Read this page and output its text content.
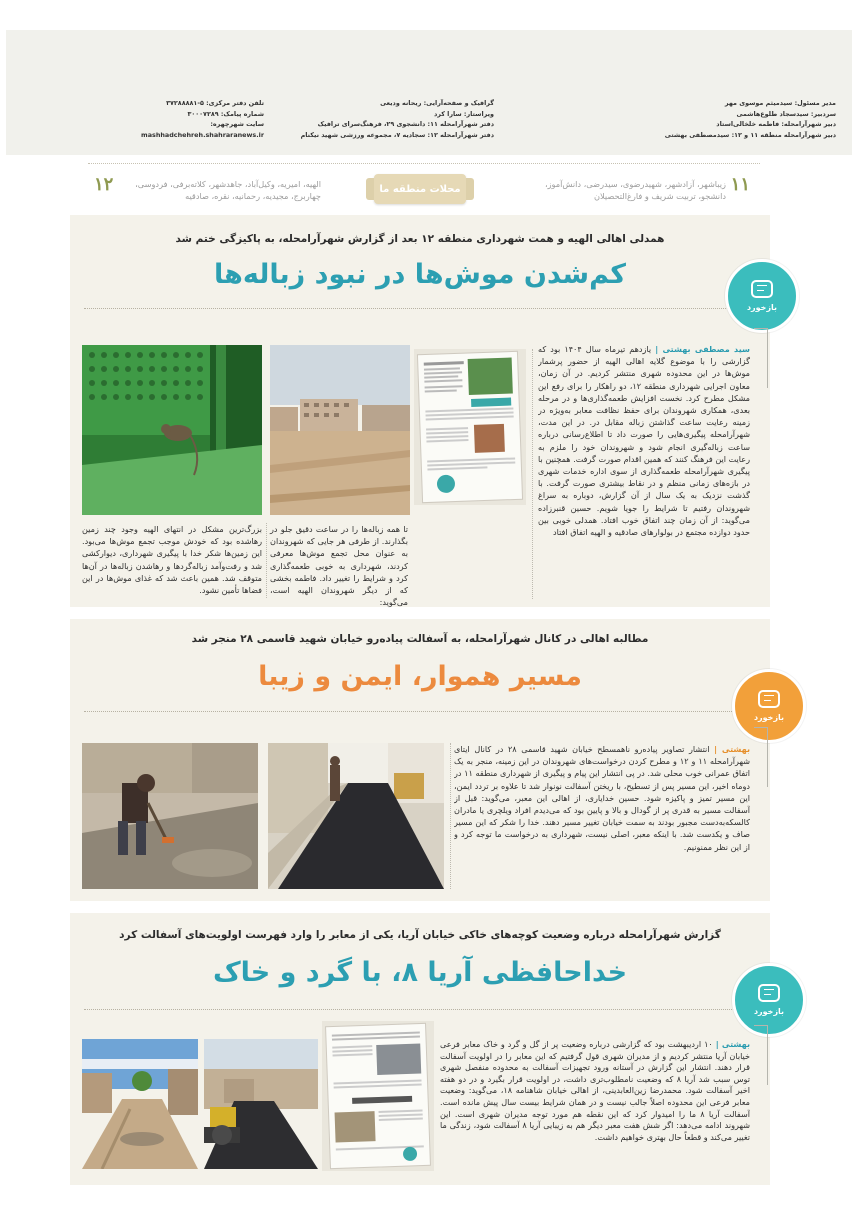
مدیر مسئول: سیدمیثم موسوی مهر
سردبیر: سیدسجاد طلوع‌هاشمی
دبیر شهرآرامحله: فاطمه خلخالی‌استاد
دبیر شهرآرامحله منطقه ۱۱ و ۱۲: سیدمصطفی بهشتی
گرافیک و صفحه‌آرایی: ریحانه ودیعی
ویراستار: سارا کرد
دفتر شهرآرامحله ۱۱: دانشجوی ۲۹، فرهنگ‌سرای ترافیک
دفتر شهرآرامحله ۱۲: سجادیه ۷، مجموعه ورزشی شهید نیکنام
تلفن دفتر مرکزی: ۵-۳۷۲۸۸۸۸۱
شماره پیامک: ۳۰۰۰۷۲۸۹
سایت شهرچهره:
mashhadchehreh.shahraranews.ir
۱۱
زیباشهر، آزادشهر، شهیدرضوی، سیدرضی، دانش‌آموز، دانشجو، تربیت شریف و فارغ‌التحصیلان
محلات منطقه ما
الهیه، امیریه، وکیل‌آباد، جاهدشهر، کلاته‌برفی، فردوسی، چهاربرج، مجیدیه، رحمانیه، نقره، صادقیه
۱۲
همدلی اهالی الهیه و همت شهرداری منطقه ۱۲ بعد از گزارش شهرآرامحله، به پاکیزگی ختم شد
کم‌شدن موش‌ها در نبود زباله‌ها
بازخورد
سید مصطفی بهشتی | یازدهم تیرماه سال ۱۴۰۴ بود که گزارشی را با موضوع گلایه اهالی الهیه از حضور پرشمار موش‌ها در این محدوده شهری منتشر کردیم. در آن زمان، معاون اجرایی شهرداری منطقه ۱۲، دو راهکار را برای رفع این مشکل مطرح کرد. نخست افزایش طعمه‌گذاری‌ها و در مرحله بعدی، همکاری شهروندان برای حفظ نظافت معابر به‌ویژه در زمینه رعایت ساعت گذاشتن زباله مقابل در. در این مدت، شهرآرامحله پیگیری‌هایی را صورت داد تا اطلاع‌رسانی درباره ساعت زباله‌گیری انجام شود و شهروندان خود را ملزم به رعایت این فرهنگ کنند که همین اقدام صورت گرفت. همچنین با پیگیری شهرآرامحله طعمه‌گذاری از سوی اداره خدمات شهری در بازه‌های زمانی منظم و در نقاط بیشتری صورت گرفت. با گذشت نزدیک به یک سال از آن گزارش، دوباره به سراغ شهروندان رفتیم تا شرایط را جویا شویم. حسین قنبرزاده می‌گوید: از آن زمان چند اتفاق خوب افتاد. همدلی خوبی بین حدود دوازده مجتمع در بولوارهای صادقیه و الهیه اتفاق افتاد
تا همه زباله‌ها را در ساعت دقیق جلو در بگذارند. از طرفی هر جایی که شهروندان به عنوان محل تجمع موش‌ها معرفی کردند، شهرداری به خوبی طعمه‌گذاری کرد و شرایط را تغییر داد. فاطمه بخشی که از دیگر شهروندان الهیه است، می‌گوید:
بزرگ‌ترین مشکل در انتهای الهیه وجود چند زمین رهاشده بود که خودش موجب تجمع موش‌ها می‌بود. این زمین‌ها شکر خدا با پیگیری شهرداری، دیوارکشی شد و رفت‌وآمد زباله‌گردها و رهاشدن زباله‌ها در آن‌ها متوقف شد. همین باعث شد که غذای موش‌ها در این فضاها تأمین نشود.
مطالبه اهالی در کانال شهرآرامحله، به آسفالت پیاده‌رو خیابان شهید قاسمی ۲۸ منجر شد
مسیر هموار، ایمن و زیبا
بازخورد
بهشتی | انتشار تصاویر پیاده‌رو ناهمسطح خیابان شهید قاسمی ۲۸ در کانال ایتای شهرآرامحله ۱۱ و ۱۲ و مطرح کردن درخواست‌های شهروندان در این زمینه، منجر به یک اتفاق عمرانی خوب محلی شد. در پی انتشار این پیام و پیگیری از شهرداری منطقه ۱۱ در دوماه اخیر، این مسیر پس از تسطیح، با ریختن آسفالت نونوار شد تا علاوه بر تردد ایمن، این مسیر تمیز و پاکیزه شود. حسین خدایاری، از اهالی این معبر، می‌گوید: قبل از آسفالت مسیر به قدری پر از گودال و بالا و پایین بود که می‌دیدم افراد ویلچری یا مادران کالسکه‌به‌دست مجبور بودند به سمت خیابان تغییر مسیر دهند. خدا را شکر که این مسیر صاف و یکدست شد. با اینکه معبر، اصلی نیست، شهرداری به درخواست ما توجه کرد و از این نظر ممنونیم.
گزارش شهرآرامحله درباره وضعیت کوچه‌های خاکی خیابان آریا، یکی از معابر را وارد فهرست اولویت‌های آسفالت کرد
خداحافظی آریا ۸، با گرد و خاک
بازخورد
بهشتی | ۱۰ اردیبهشت بود که گزارشی درباره وضعیت پر از گل و گرد و خاک معابر فرعی خیابان آریا منتشر کردیم و از مدیران شهری قول گرفتیم که این معابر را در اولویت آسفالت قرار دهند. انتشار این گزارش در آستانه ورود تجهیزات آسفالت به محدوده منفصل شهری توس سبب شد آریا ۸ که وضعیت نامطلوب‌تری داشت، در اولویت قرار بگیرد و در دو هفته اخیر آسفالت شود. محمدرضا زین‌العابدینی، از اهالی خیابان شاهنامه ۱۸، می‌گوید: وضعیت معابر فرعی این محدوده اصلاً جالب نیست و در همان شرایط بیست سال پیش مانده است. آسفالت آریا ۸ ما را امیدوار کرد که این نقطه هم مورد توجه مدیران شهری است. این شهروند ادامه می‌دهد: اگر شش هفت معبر دیگر هم به زیبایی آریا ۸ آسفالت شود، زندگی ما تغییر می‌کند و قطعاً حال بهتری خواهیم داشت.
